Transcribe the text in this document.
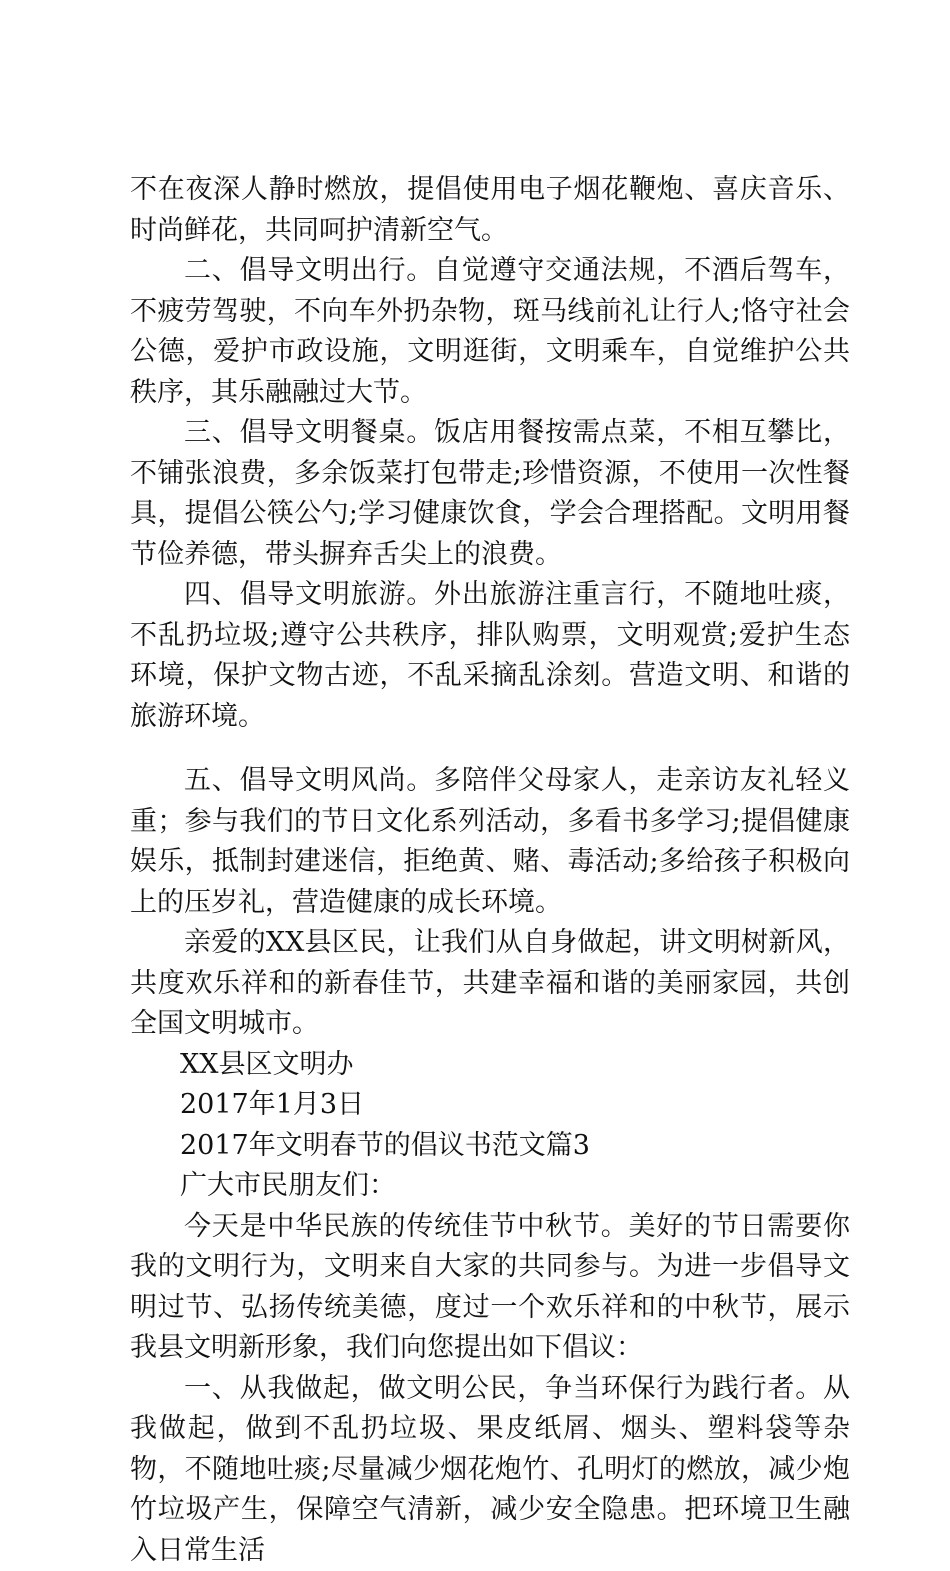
不在夜深人静时燃放，提倡使用电子烟花鞭炮、喜庆音乐、时尚鲜花，共同呵护清新空气。

二、倡导文明出行。自觉遵守交通法规，不酒后驾车，不疲劳驾驶，不向车外扔杂物，斑马线前礼让行人;恪守社会公德，爱护市政设施，文明逛街，文明乘车，自觉维护公共秩序，其乐融融过大节。

三、倡导文明餐桌。饭店用餐按需点菜，不相互攀比，不铺张浪费，多余饭菜打包带走;珍惜资源，不使用一次性餐具，提倡公筷公勺;学习健康饮食，学会合理搭配。文明用餐节俭养德，带头摒弃舌尖上的浪费。

四、倡导文明旅游。外出旅游注重言行，不随地吐痰，不乱扔垃圾;遵守公共秩序，排队购票，文明观赏;爱护生态环境，保护文物古迹，不乱采摘乱涂刻。营造文明、和谐的旅游环境。

五、倡导文明风尚。多陪伴父母家人，走亲访友礼轻义重；参与我们的节日文化系列活动，多看书多学习;提倡健康娱乐，抵制封建迷信，拒绝黄、赌、毒活动;多给孩子积极向上的压岁礼，营造健康的成长环境。

亲爱的XX县区民，让我们从自身做起，讲文明树新风，共度欢乐祥和的新春佳节，共建幸福和谐的美丽家园，共创全国文明城市。

XX县区文明办

2017年1月3日

2017年文明春节的倡议书范文篇3

广大市民朋友们：

今天是中华民族的传统佳节中秋节。美好的节日需要你我的文明行为，文明来自大家的共同参与。为进一步倡导文明过节、弘扬传统美德，度过一个欢乐祥和的中秋节，展示我县文明新形象，我们向您提出如下倡议：

一、从我做起，做文明公民，争当环保行为践行者。从我做起，做到不乱扔垃圾、果皮纸屑、烟头、塑料袋等杂物，不随地吐痰;尽量减少烟花炮竹、孔明灯的燃放，减少炮竹垃圾产生，保障空气清新，减少安全隐患。把环境卫生融入日常生活
